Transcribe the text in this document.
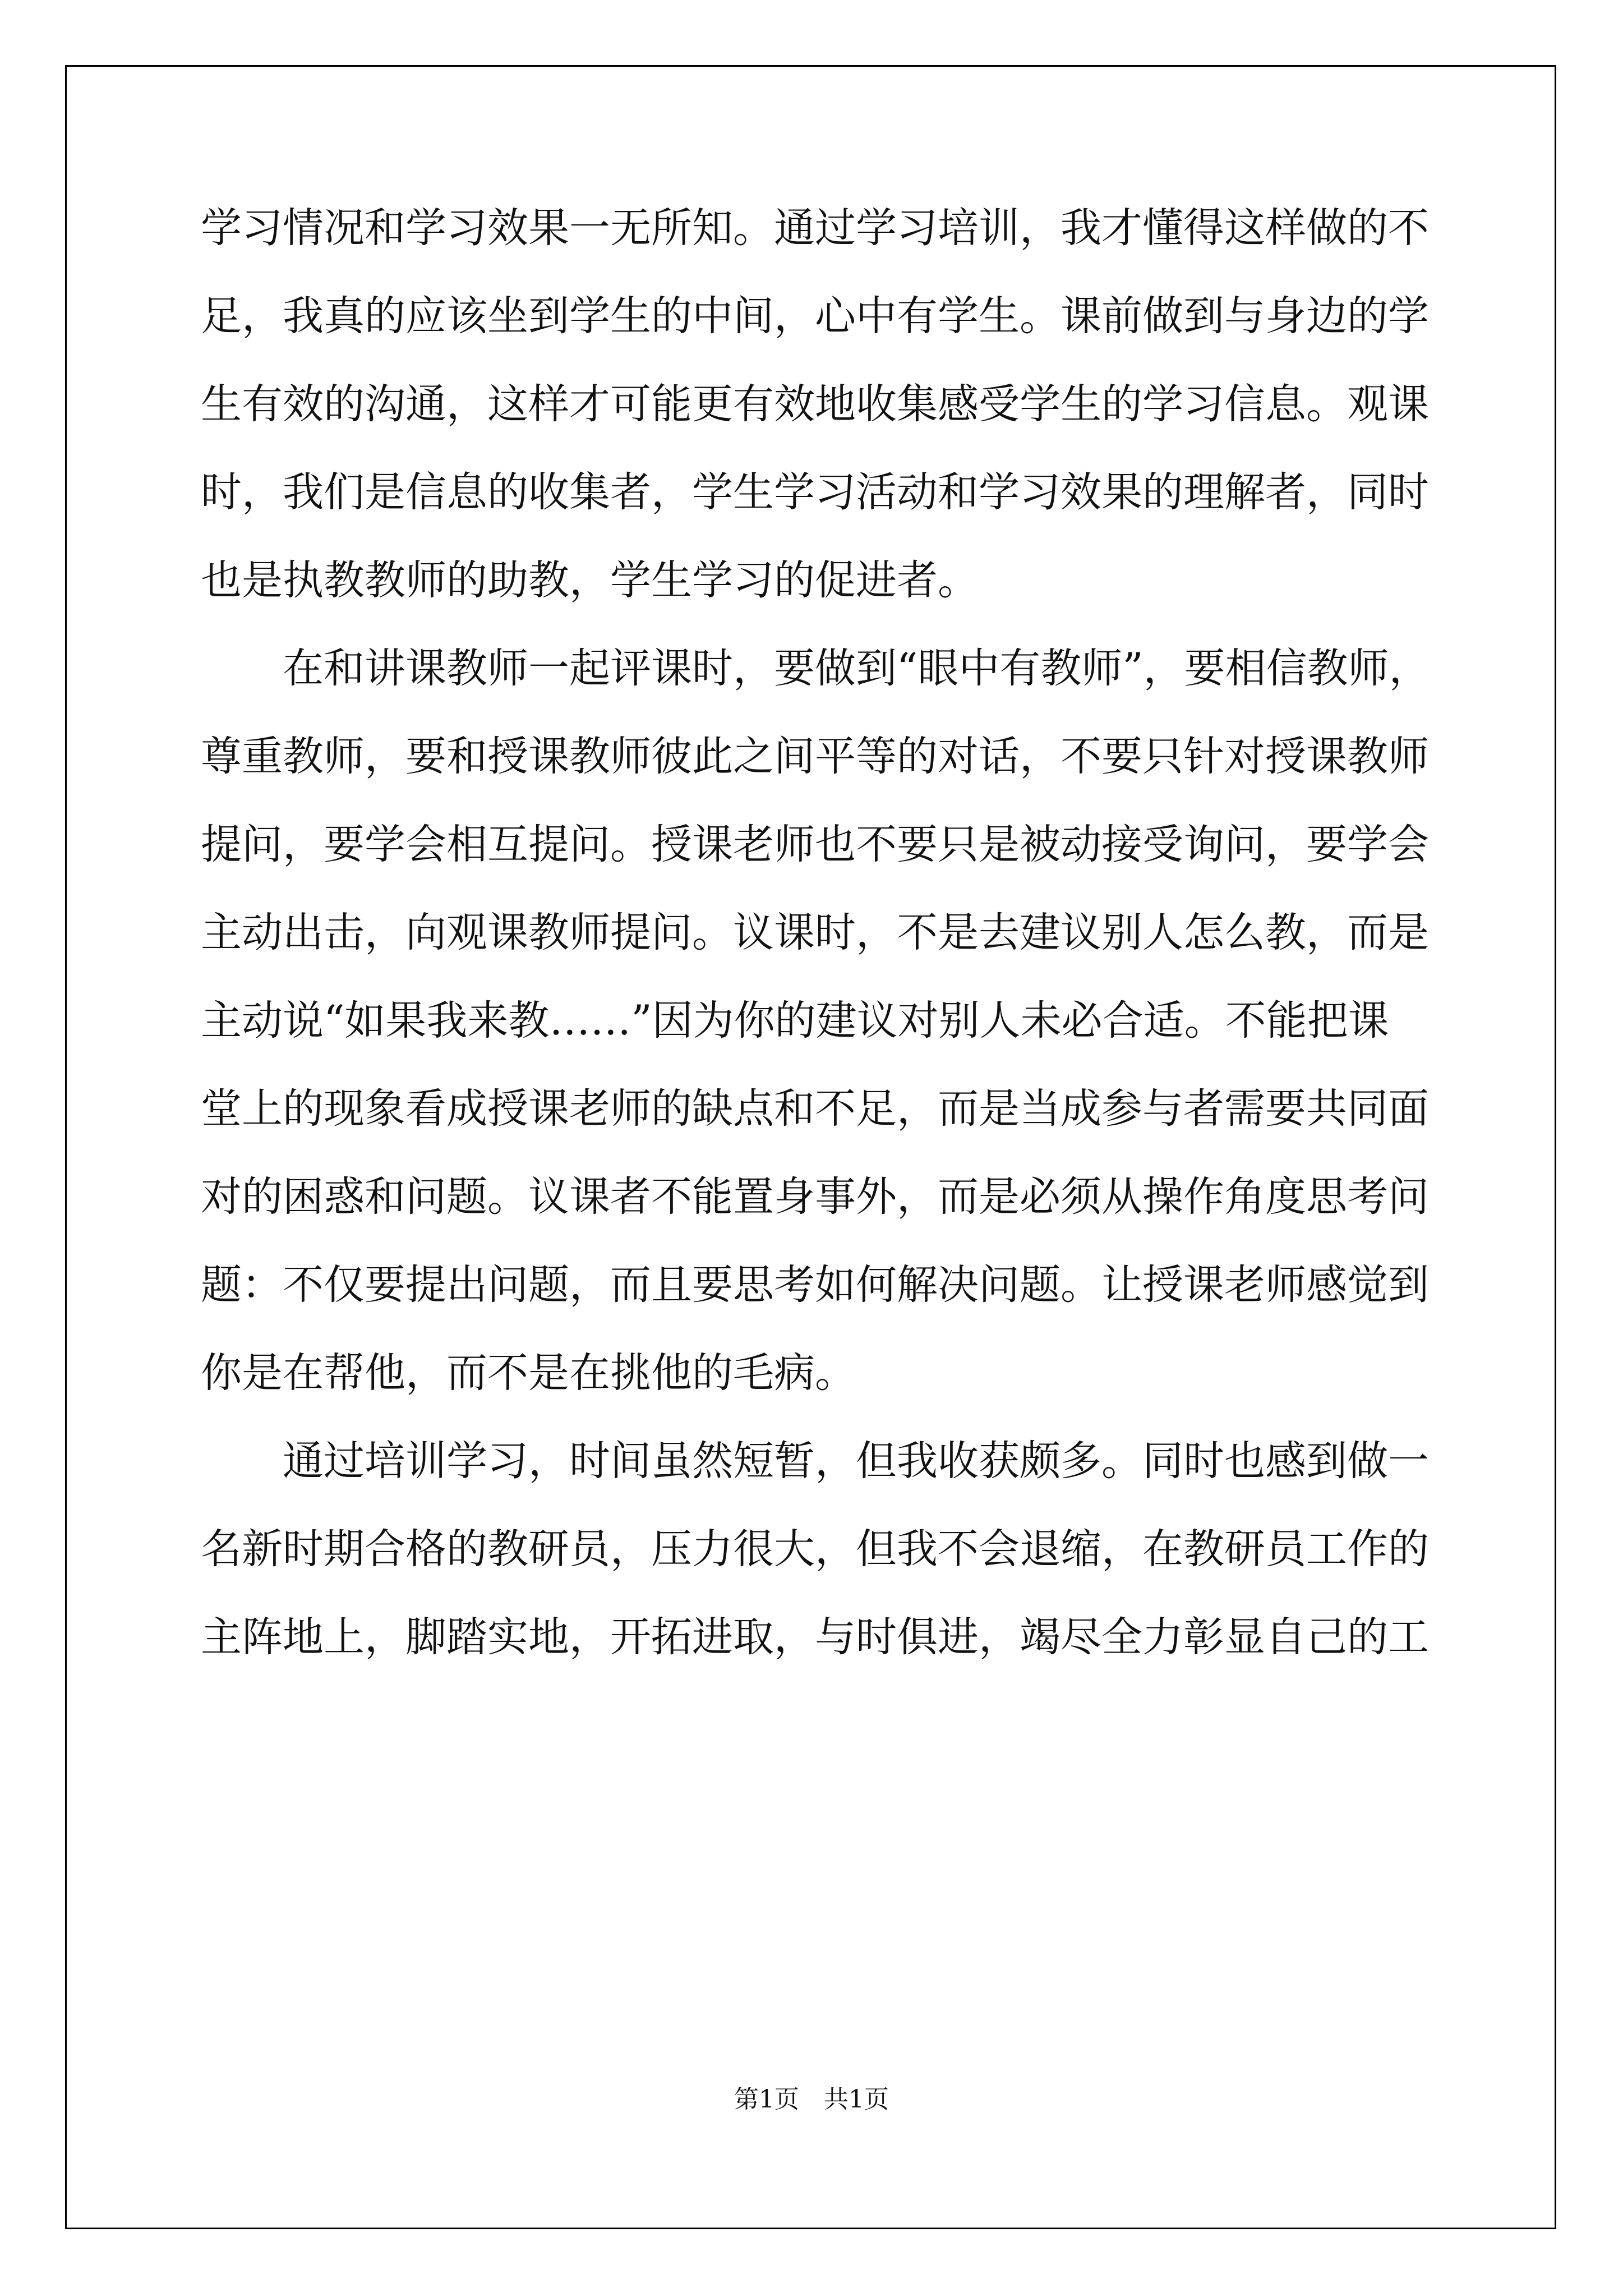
学习情况和学习效果一无所知。通过学习培训，我才懂得这样做的不
足，我真的应该坐到学生的中间，心中有学生。课前做到与身边的学
生有效的沟通，这样才可能更有效地收集感受学生的学习信息。观课
时，我们是信息的收集者，学生学习活动和学习效果的理解者，同时
也是执教教师的助教，学生学习的促进者。
在和讲课教师一起评课时，要做到“眼中有教师”，要相信教师，
尊重教师，要和授课教师彼此之间平等的对话，不要只针对授课教师
提问，要学会相互提问。授课老师也不要只是被动接受询问，要学会
主动出击，向观课教师提问。议课时，不是去建议别人怎么教，而是
主动说“如果我来教……”因为你的建议对别人未必合适。不能把课
堂上的现象看成授课老师的缺点和不足，而是当成参与者需要共同面
对的困惑和问题。议课者不能置身事外，而是必须从操作角度思考问
题：不仅要提出问题，而且要思考如何解决问题。让授课老师感觉到
你是在帮他，而不是在挑他的毛病。
通过培训学习，时间虽然短暂，但我收获颇多。同时也感到做一
名新时期合格的教研员，压力很大，但我不会退缩，在教研员工作的
主阵地上，脚踏实地，开拓进取，与时俱进，竭尽全力彰显自己的工
第1页　共1页
